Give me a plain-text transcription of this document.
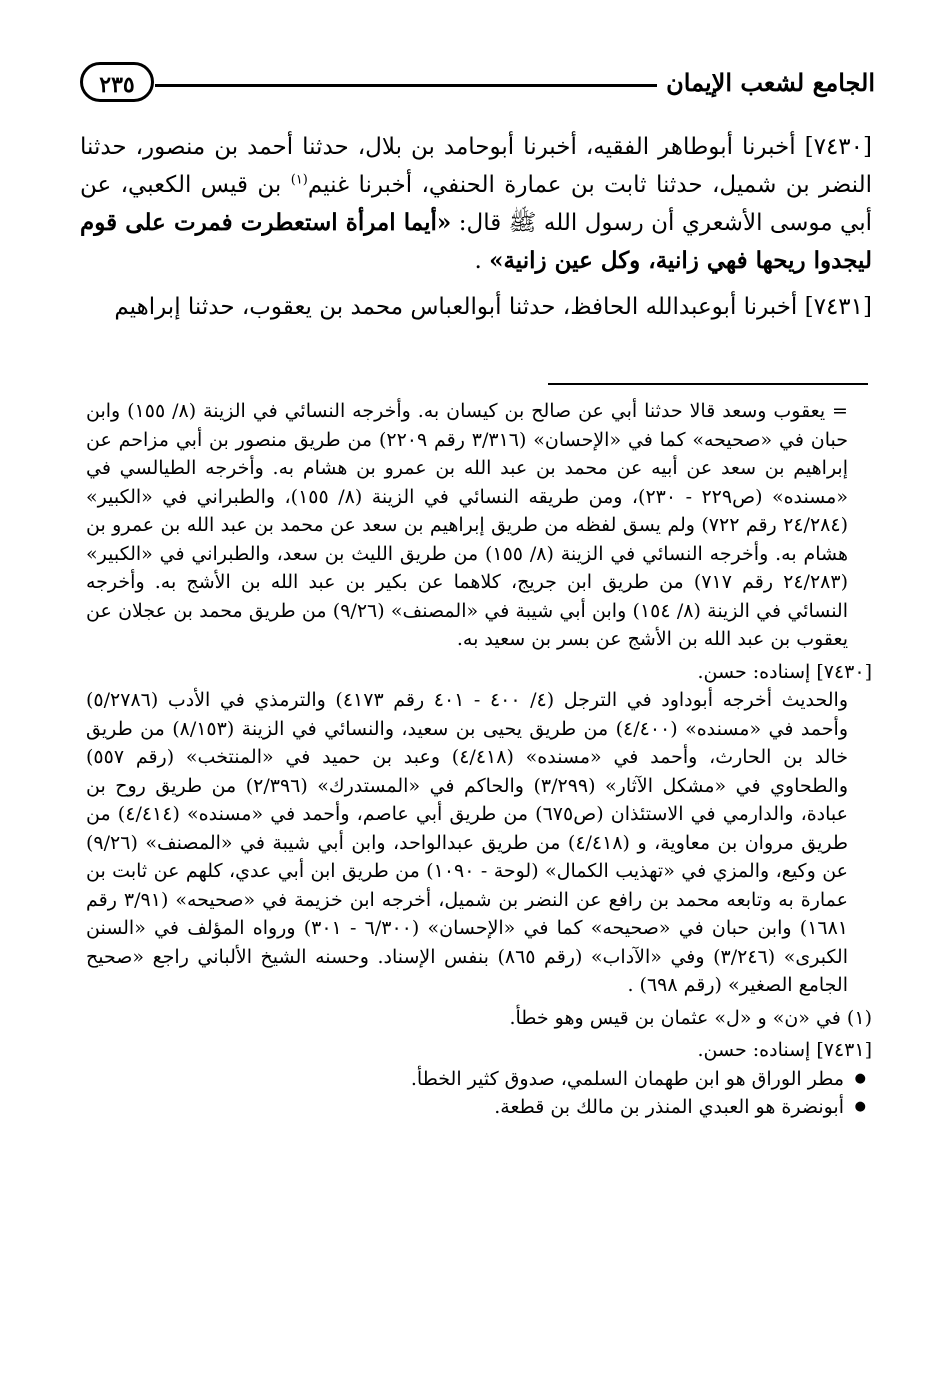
٢٣٥	الجامع لشعب الإيمان

[٧٤٣٠] أخبرنا أبوطاهر الفقيه، أخبرنا أبوحامد بن بلال، حدثنا أحمد بن منصور، حدثنا النضر بن شميل، حدثنا ثابت بن عمارة الحنفي، أخبرنا غنيم$^{(١)}$ بن قيس الكعبي، عن أبي موسى الأشعري أن رسول الله ﷺ قال: «أيما امرأة استعطرت فمرت على قوم ليجدوا ريحها فهي زانية، وكل عين زانية» .

[٧٤٣١] أخبرنا أبوعبدالله الحافظ، حدثنا أبوالعباس محمد بن يعقوب، حدثنا إبراهيم

= يعقوب وسعد قالا حدثنا أبي عن صالح بن كيسان به. وأخرجه النسائي في الزينة (٨/ ١٥٥) وابن حبان في «صحيحه» كما في «الإحسان» (٣/٣١٦ رقم ٢٢٠٩) من طريق منصور بن أبي مزاحم عن إبراهيم بن سعد عن أبيه عن محمد بن عبد الله بن عمرو بن هشام به. وأخرجه الطيالسي في «مسنده» (ص٢٢٩ - ٢٣٠)، ومن طريقه النسائي في الزينة (٨/ ١٥٥)، والطبراني في «الكبير» (٢٤/٢٨٤ رقم ٧٢٢) ولم يسق لفظه من طريق إبراهيم بن سعد عن محمد بن عبد الله بن عمرو بن هشام به. وأخرجه النسائي في الزينة (٨/ ١٥٥) من طريق الليث بن سعد، والطبراني في «الكبير» (٢٤/٢٨٣ رقم ٧١٧) من طريق ابن جريج، كلاهما عن بكير بن عبد الله بن الأشج به. وأخرجه النسائي في الزينة (٨/ ١٥٤) وابن أبي شيبة في «المصنف» (٩/٢٦) من طريق محمد بن عجلان عن يعقوب بن عبد الله بن الأشج عن بسر بن سعيد به.

[٧٤٣٠] إسناده: حسن.

والحديث أخرجه أبوداود في الترجل (٤/ ٤٠٠ - ٤٠١ رقم ٤١٧٣) والترمذي في الأدب (٥/٢٧٨٦) وأحمد في «مسنده» (٤/٤٠٠) من طريق يحيى بن سعيد، والنسائي في الزينة (٨/١٥٣) من طريق خالد بن الحارث، وأحمد في «مسنده» (٤/٤١٨) وعبد بن حميد في «المنتخب» (رقم ٥٥٧) والطحاوي في «مشكل الآثار» (٣/٢٩٩) والحاكم في «المستدرك» (٢/٣٩٦) من طريق روح بن عبادة، والدارمي في الاستئذان (ص٦٧٥) من طريق أبي عاصم، وأحمد في «مسنده» (٤/٤١٤) من طريق مروان بن معاوية، و (٤/٤١٨) من طريق عبدالواحد، وابن أبي شيبة في «المصنف» (٩/٢٦) عن وكيع، والمزي في «تهذيب الكمال» (لوحة - ١٠٩٠) من طريق ابن أبي عدي، كلهم عن ثابت بن عمارة به وتابعه محمد بن رافع عن النضر بن شميل، أخرجه ابن خزيمة في «صحيحه» (٣/٩١ رقم ١٦٨١) وابن حبان في «صحيحه» كما في «الإحسان» (٦/٣٠٠ - ٣٠١) ورواه المؤلف في «السنن الكبرى» (٣/٢٤٦) وفي «الآداب» (رقم ٨٦٥) بنفس الإسناد. وحسنه الشيخ الألباني راجع «صحيح الجامع الصغير» (رقم ٦٩٨) .

(١) في «ن» و «ل» عثمان بن قيس وهو خطأ.

[٧٤٣١] إسناده: حسن.

● مطر الوراق هو ابن طهمان السلمي، صدوق كثير الخطأ.
● أبونضرة هو العبدي المنذر بن مالك بن قطعة.
